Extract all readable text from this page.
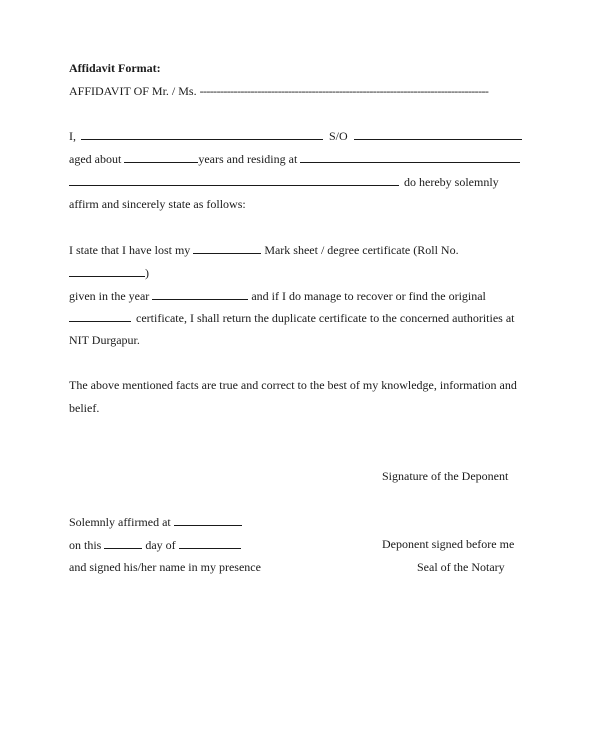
Affidavit Format:
AFFIDAVIT OF Mr. / Ms. -------------------------------------------------------------------------------------
I,	S/O
aged about	years and residing at
do hereby solemnly
affirm and sincerely state as follows:
I state that I have lost my	Mark sheet / degree certificate (Roll No.
)
given in the year	and if I do manage to recover or find the original
certificate, I shall return the duplicate certificate to the concerned authorities at
NIT Durgapur.
The above mentioned facts are true and correct to the best of my knowledge, information and
belief.
Signature of the Deponent
Solemnly affirmed at
on this	day of	Deponent signed before me
and signed his/her name in my presence	Seal of the Notary
